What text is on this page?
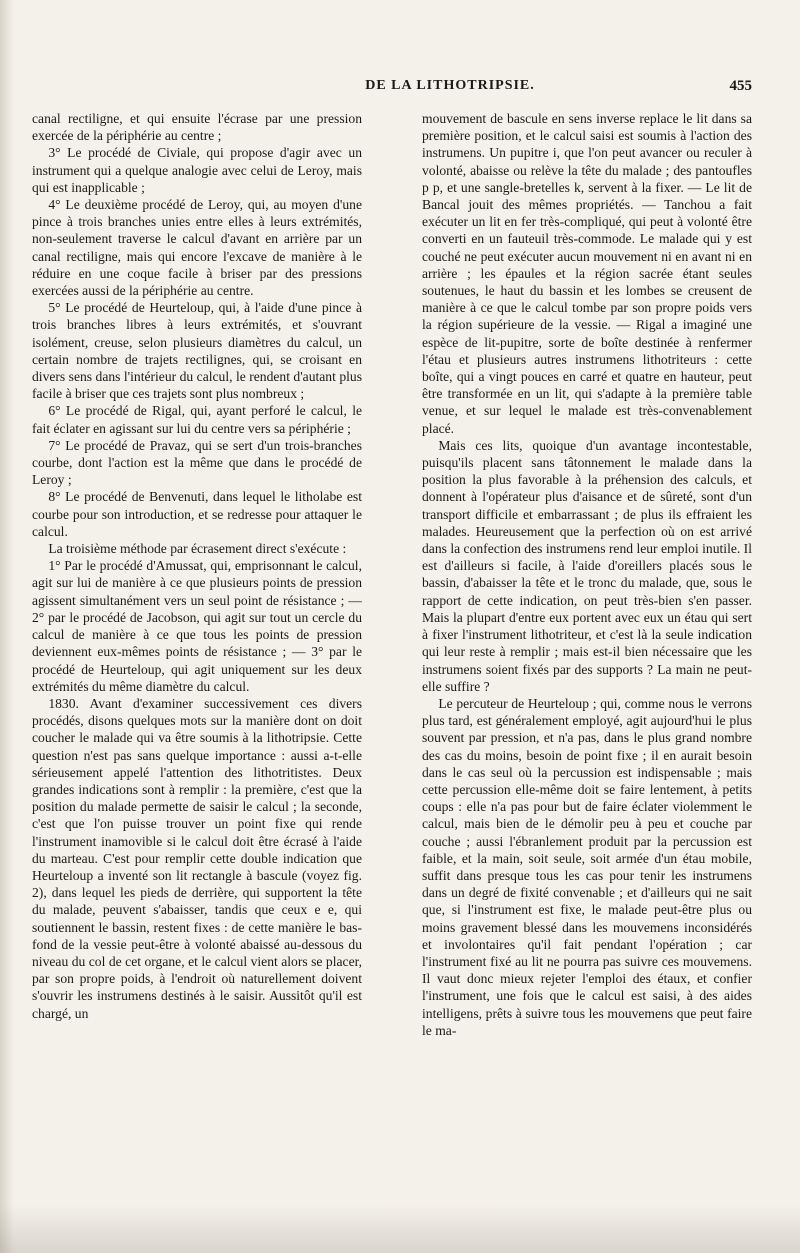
DE LA LITHOTRIPSIE.	455

canal rectiligne, et qui ensuite l'écrase par une pression exercée de la périphérie au centre ;

3° Le procédé de Civiale, qui propose d'agir avec un instrument qui a quelque analogie avec celui de Leroy, mais qui est inapplicable ;

4° Le deuxième procédé de Leroy, qui, au moyen d'une pince à trois branches unies entre elles à leurs extrémités, non-seulement traverse le calcul d'avant en arrière par un canal rectiligne, mais qui encore l'excave de manière à le réduire en une coque facile à briser par des pressions exercées aussi de la périphérie au centre.

5° Le procédé de Heurteloup, qui, à l'aide d'une pince à trois branches libres à leurs extrémités, et s'ouvrant isolément, creuse, selon plusieurs diamètres du calcul, un certain nombre de trajets rectilignes, qui, se croisant en divers sens dans l'intérieur du calcul, le rendent d'autant plus facile à briser que ces trajets sont plus nombreux ;

6° Le procédé de Rigal, qui, ayant perforé le calcul, le fait éclater en agissant sur lui du centre vers sa périphérie ;

7° Le procédé de Pravaz, qui se sert d'un trois-branches courbe, dont l'action est la même que dans le procédé de Leroy ;

8° Le procédé de Benvenuti, dans lequel le litholabe est courbe pour son introduction, et se redresse pour attaquer le calcul.

La troisième méthode par écrasement direct s'exécute :

1° Par le procédé d'Amussat, qui, emprisonnant le calcul, agit sur lui de manière à ce que plusieurs points de pression agissent simultanément vers un seul point de résistance ; — 2° par le procédé de Jacobson, qui agit sur tout un cercle du calcul de manière à ce que tous les points de pression deviennent eux-mêmes points de résistance ; — 3° par le procédé de Heurteloup, qui agit uniquement sur les deux extrémités du même diamètre du calcul.

1830. Avant d'examiner successivement ces divers procédés, disons quelques mots sur la manière dont on doit coucher le malade qui va être soumis à la lithotripsie. Cette question n'est pas sans quelque importance : aussi a-t-elle sérieusement appelé l'attention des lithotritistes. Deux grandes indications sont à remplir : la première, c'est que la position du malade permette de saisir le calcul ; la seconde, c'est que l'on puisse trouver un point fixe qui rende l'instrument inamovible si le calcul doit être écrasé à l'aide du marteau. C'est pour remplir cette double indication que Heurteloup a inventé son lit rectangle à bascule (voyez fig. 2), dans lequel les pieds de derrière, qui supportent la tête du malade, peuvent s'abaisser, tandis que ceux e e, qui soutiennent le bassin, restent fixes : de cette manière le bas-fond de la vessie peut-être à volonté abaissé au-dessous du niveau du col de cet organe, et le calcul vient alors se placer, par son propre poids, à l'endroit où naturellement doivent s'ouvrir les instrumens destinés à le saisir. Aussitôt qu'il est chargé, un

mouvement de bascule en sens inverse replace le lit dans sa première position, et le calcul saisi est soumis à l'action des instrumens. Un pupitre i, que l'on peut avancer ou reculer à volonté, abaisse ou relève la tête du malade ; des pantoufles p p, et une sangle-bretelles k, servent à la fixer. — Le lit de Bancal jouit des mêmes propriétés. — Tanchou a fait exécuter un lit en fer très-compliqué, qui peut à volonté être converti en un fauteuil très-commode. Le malade qui y est couché ne peut exécuter aucun mouvement ni en avant ni en arrière ; les épaules et la région sacrée étant seules soutenues, le haut du bassin et les lombes se creusent de manière à ce que le calcul tombe par son propre poids vers la région supérieure de la vessie. — Rigal a imaginé une espèce de lit-pupitre, sorte de boîte destinée à renfermer l'étau et plusieurs autres instrumens lithotriteurs : cette boîte, qui a vingt pouces en carré et quatre en hauteur, peut être transformée en un lit, qui s'adapte à la première table venue, et sur lequel le malade est très-convenablement placé.

Mais ces lits, quoique d'un avantage incontestable, puisqu'ils placent sans tâtonnement le malade dans la position la plus favorable à la préhension des calculs, et donnent à l'opérateur plus d'aisance et de sûreté, sont d'un transport difficile et embarrassant ; de plus ils effraient les malades. Heureusement que la perfection où on est arrivé dans la confection des instrumens rend leur emploi inutile. Il est d'ailleurs si facile, à l'aide d'oreillers placés sous le bassin, d'abaisser la tête et le tronc du malade, que, sous le rapport de cette indication, on peut très-bien s'en passer. Mais la plupart d'entre eux portent avec eux un étau qui sert à fixer l'instrument lithotriteur, et c'est là la seule indication qui leur reste à remplir ; mais est-il bien nécessaire que les instrumens soient fixés par des supports ? La main ne peut-elle suffire ?

Le percuteur de Heurteloup ; qui, comme nous le verrons plus tard, est généralement employé, agit aujourd'hui le plus souvent par pression, et n'a pas, dans le plus grand nombre des cas du moins, besoin de point fixe ; il en aurait besoin dans le cas seul où la percussion est indispensable ; mais cette percussion elle-même doit se faire lentement, à petits coups : elle n'a pas pour but de faire éclater violemment le calcul, mais bien de le démolir peu à peu et couche par couche ; aussi l'ébranlement produit par la percussion est faible, et la main, soit seule, soit armée d'un étau mobile, suffit dans presque tous les cas pour tenir les instrumens dans un degré de fixité convenable ; et d'ailleurs qui ne sait que, si l'instrument est fixe, le malade peut-être plus ou moins gravement blessé dans les mouvemens inconsidérés et involontaires qu'il fait pendant l'opération ; car l'instrument fixé au lit ne pourra pas suivre ces mouvemens. Il vaut donc mieux rejeter l'emploi des étaux, et confier l'instrument, une fois que le calcul est saisi, à des aides intelligens, prêts à suivre tous les mouvemens que peut faire le ma-
